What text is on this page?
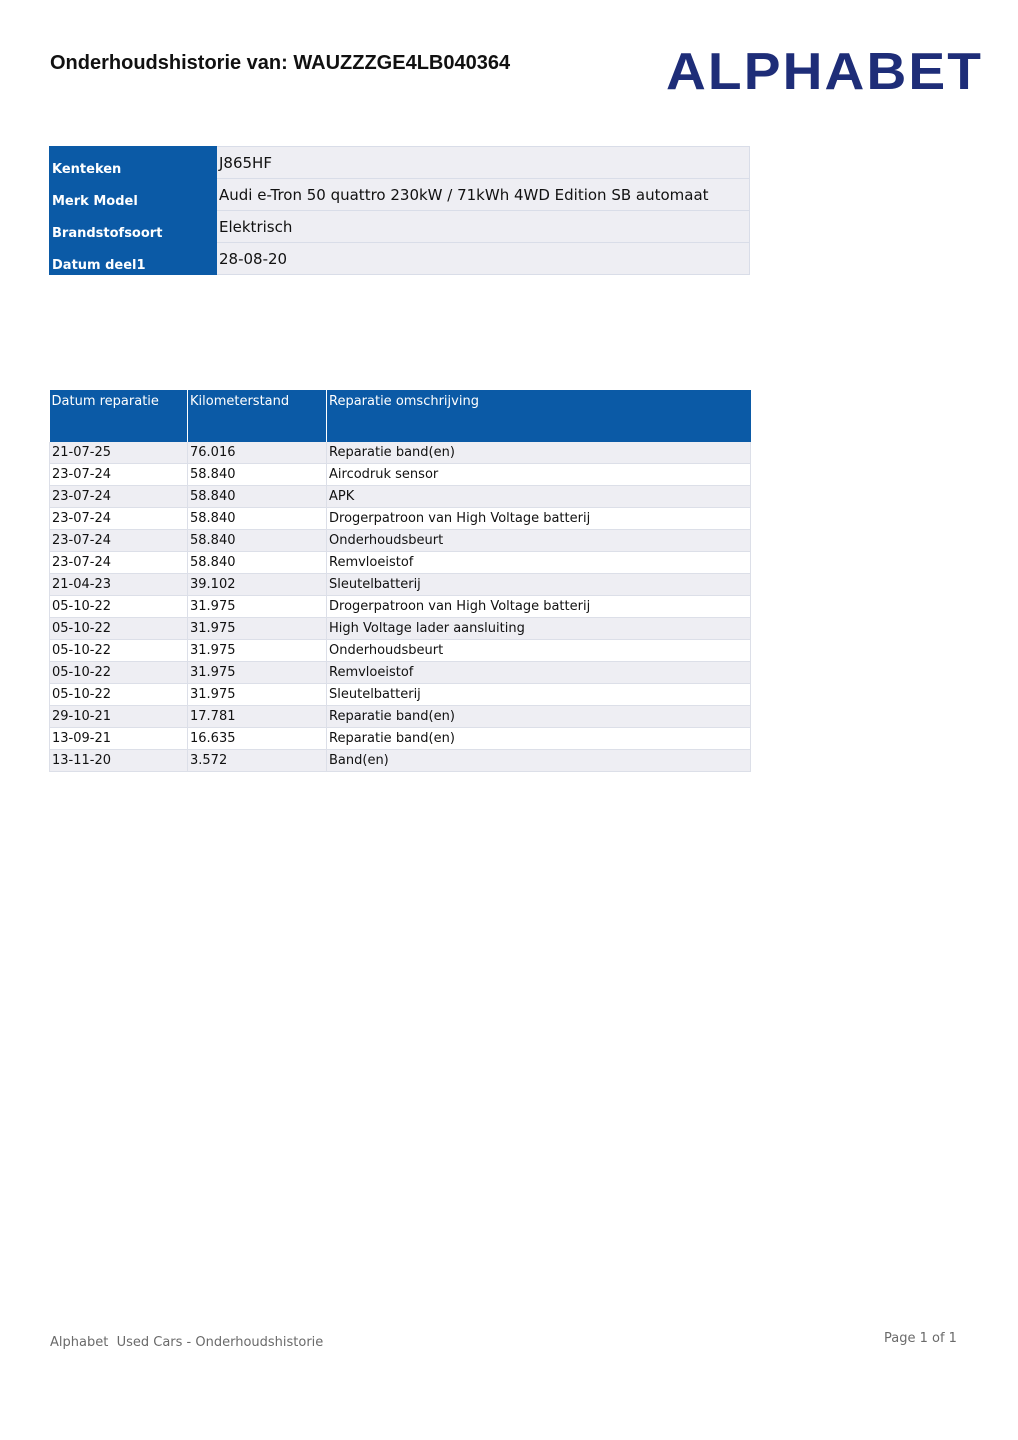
Onderhoudshistorie van: WAUZZZGE4LB040364	ALPHABET
Kenteken	J865HF
Merk Model	Audi e-Tron 50 quattro 230kW / 71kWh 4WD Edition SB automaat
Brandstofsoort	Elektrisch
Datum deel1	28-08-20
Datum reparatie	Kilometerstand	Reparatie omschrijving

21-07-25	76.016	Reparatie band(en)
23-07-24	58.840	Aircodruk sensor
23-07-24	58.840	APK
23-07-24	58.840	Drogerpatroon van High Voltage batterij
23-07-24	58.840	Onderhoudsbeurt
23-07-24	58.840	Remvloeistof
21-04-23	39.102	Sleutelbatterij
05-10-22	31.975	Drogerpatroon van High Voltage batterij
05-10-22	31.975	High Voltage lader aansluiting
05-10-22	31.975	Onderhoudsbeurt
05-10-22	31.975	Remvloeistof
05-10-22	31.975	Sleutelbatterij
29-10-21	17.781	Reparatie band(en)
13-09-21	16.635	Reparatie band(en)
13-11-20	3.572	Band(en)
Alphabet  Used Cars - Onderhoudshistorie	Page 1 of 1
